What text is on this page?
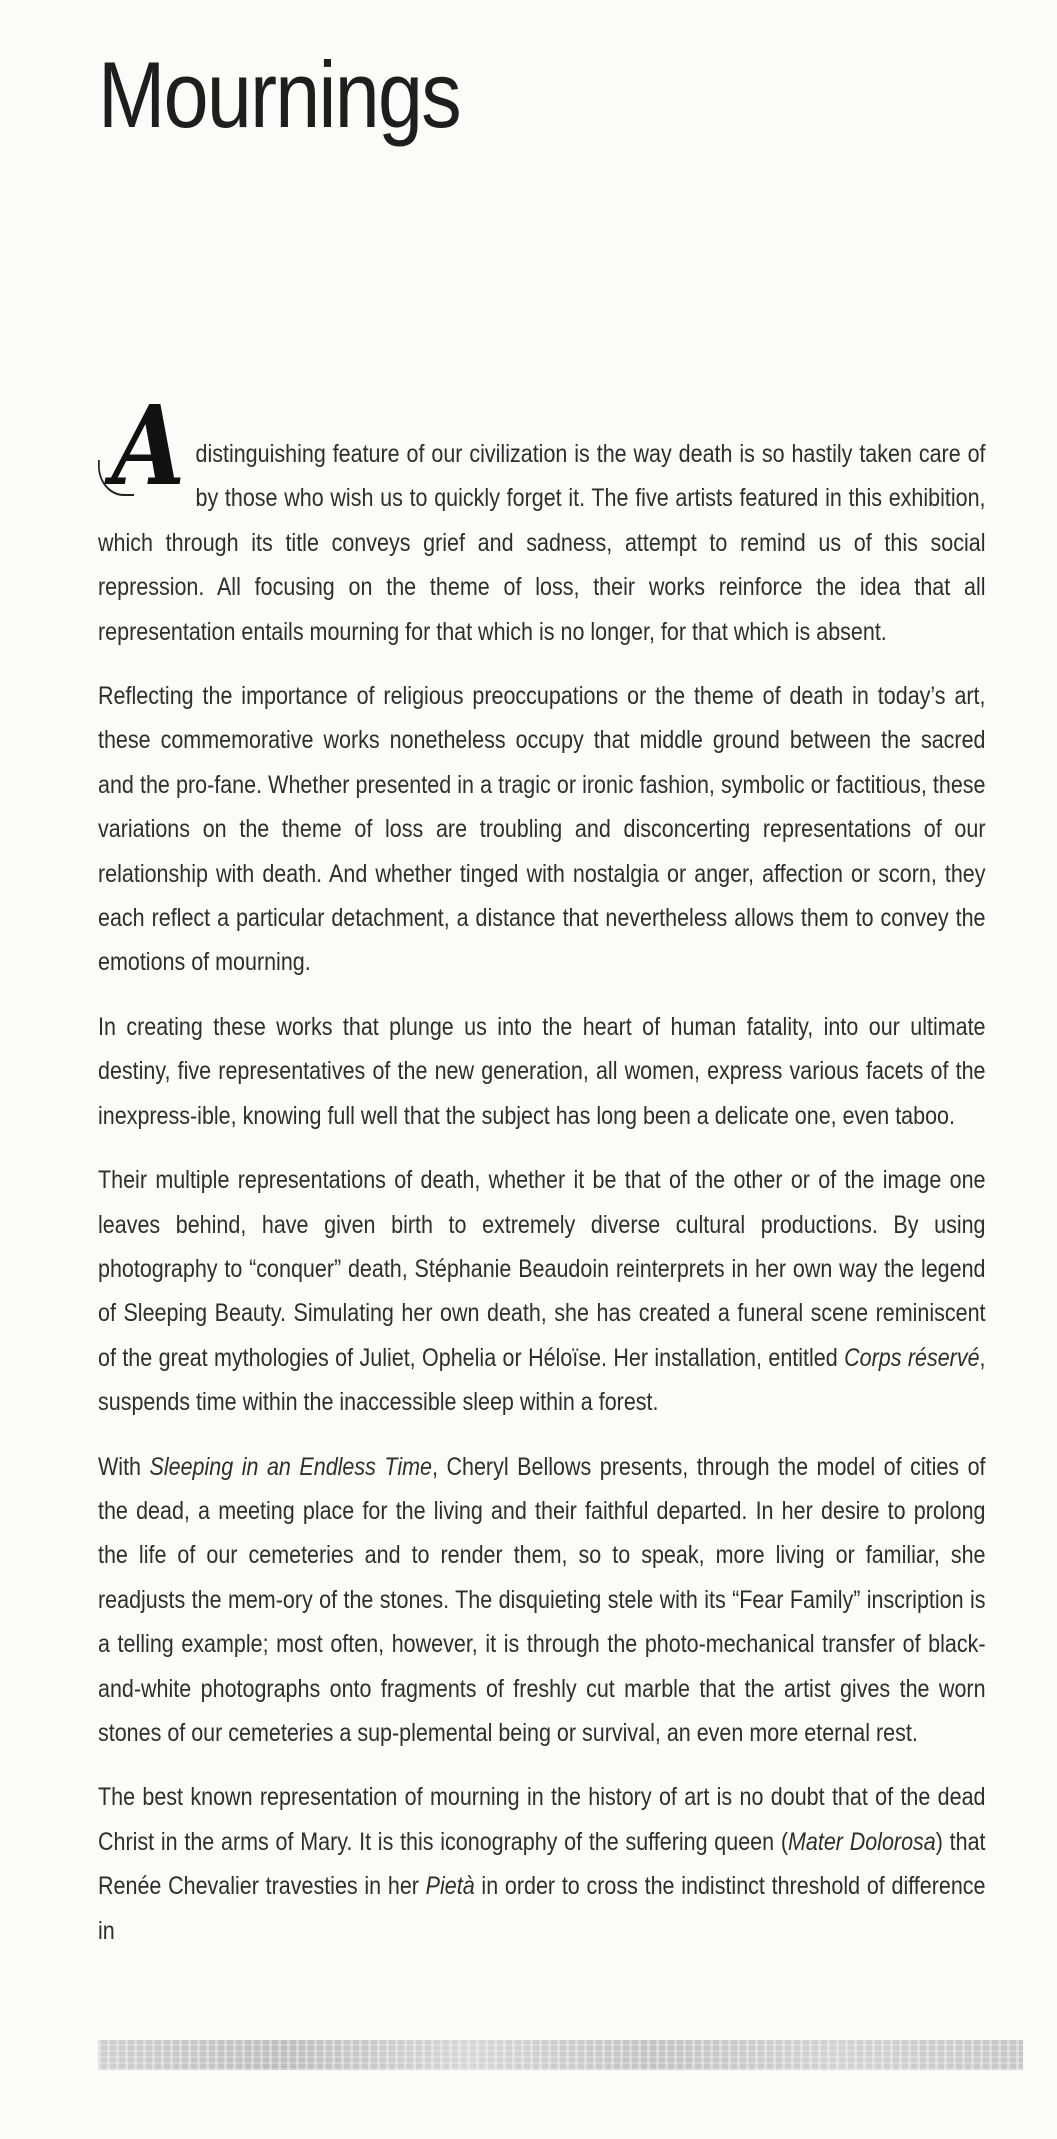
Mournings

A distinguishing feature of our civilization is the way death is so hastily taken care of by those who wish us to quickly forget it. The five artists featured in this exhibition, which through its title conveys grief and sadness, attempt to remind us of this social repression. All focusing on the theme of loss, their works reinforce the idea that all representation entails mourning for that which is no longer, for that which is absent.

Reflecting the importance of religious preoccupations or the theme of death in today’s art, these commemorative works nonetheless occupy that middle ground between the sacred and the pro-fane. Whether presented in a tragic or ironic fashion, symbolic or factitious, these variations on the theme of loss are troubling and disconcerting representations of our relationship with death. And whether tinged with nostalgia or anger, affection or scorn, they each reflect a particular detachment, a distance that nevertheless allows them to convey the emotions of mourning.

In creating these works that plunge us into the heart of human fatality, into our ultimate destiny, five representatives of the new generation, all women, express various facets of the inexpress-ible, knowing full well that the subject has long been a delicate one, even taboo.

Their multiple representations of death, whether it be that of the other or of the image one leaves behind, have given birth to extremely diverse cultural productions. By using photography to “conquer” death, Stéphanie Beaudoin reinterprets in her own way the legend of Sleeping Beauty. Simulating her own death, she has created a funeral scene reminiscent of the great mythologies of Juliet, Ophelia or Héloïse. Her installation, entitled Corps réservé, suspends time within the inaccessible sleep within a forest.

With Sleeping in an Endless Time, Cheryl Bellows presents, through the model of cities of the dead, a meeting place for the living and their faithful departed. In her desire to prolong the life of our cemeteries and to render them, so to speak, more living or familiar, she readjusts the mem-ory of the stones. The disquieting stele with its “Fear Family” inscription is a telling example; most often, however, it is through the photo-mechanical transfer of black-and-white photographs onto fragments of freshly cut marble that the artist gives the worn stones of our cemeteries a sup-plemental being or survival, an even more eternal rest.

The best known representation of mourning in the history of art is no doubt that of the dead Christ in the arms of Mary. It is this iconography of the suffering queen (Mater Dolorosa) that Renée Chevalier travesties in her Pietà in order to cross the indistinct threshold of difference in
